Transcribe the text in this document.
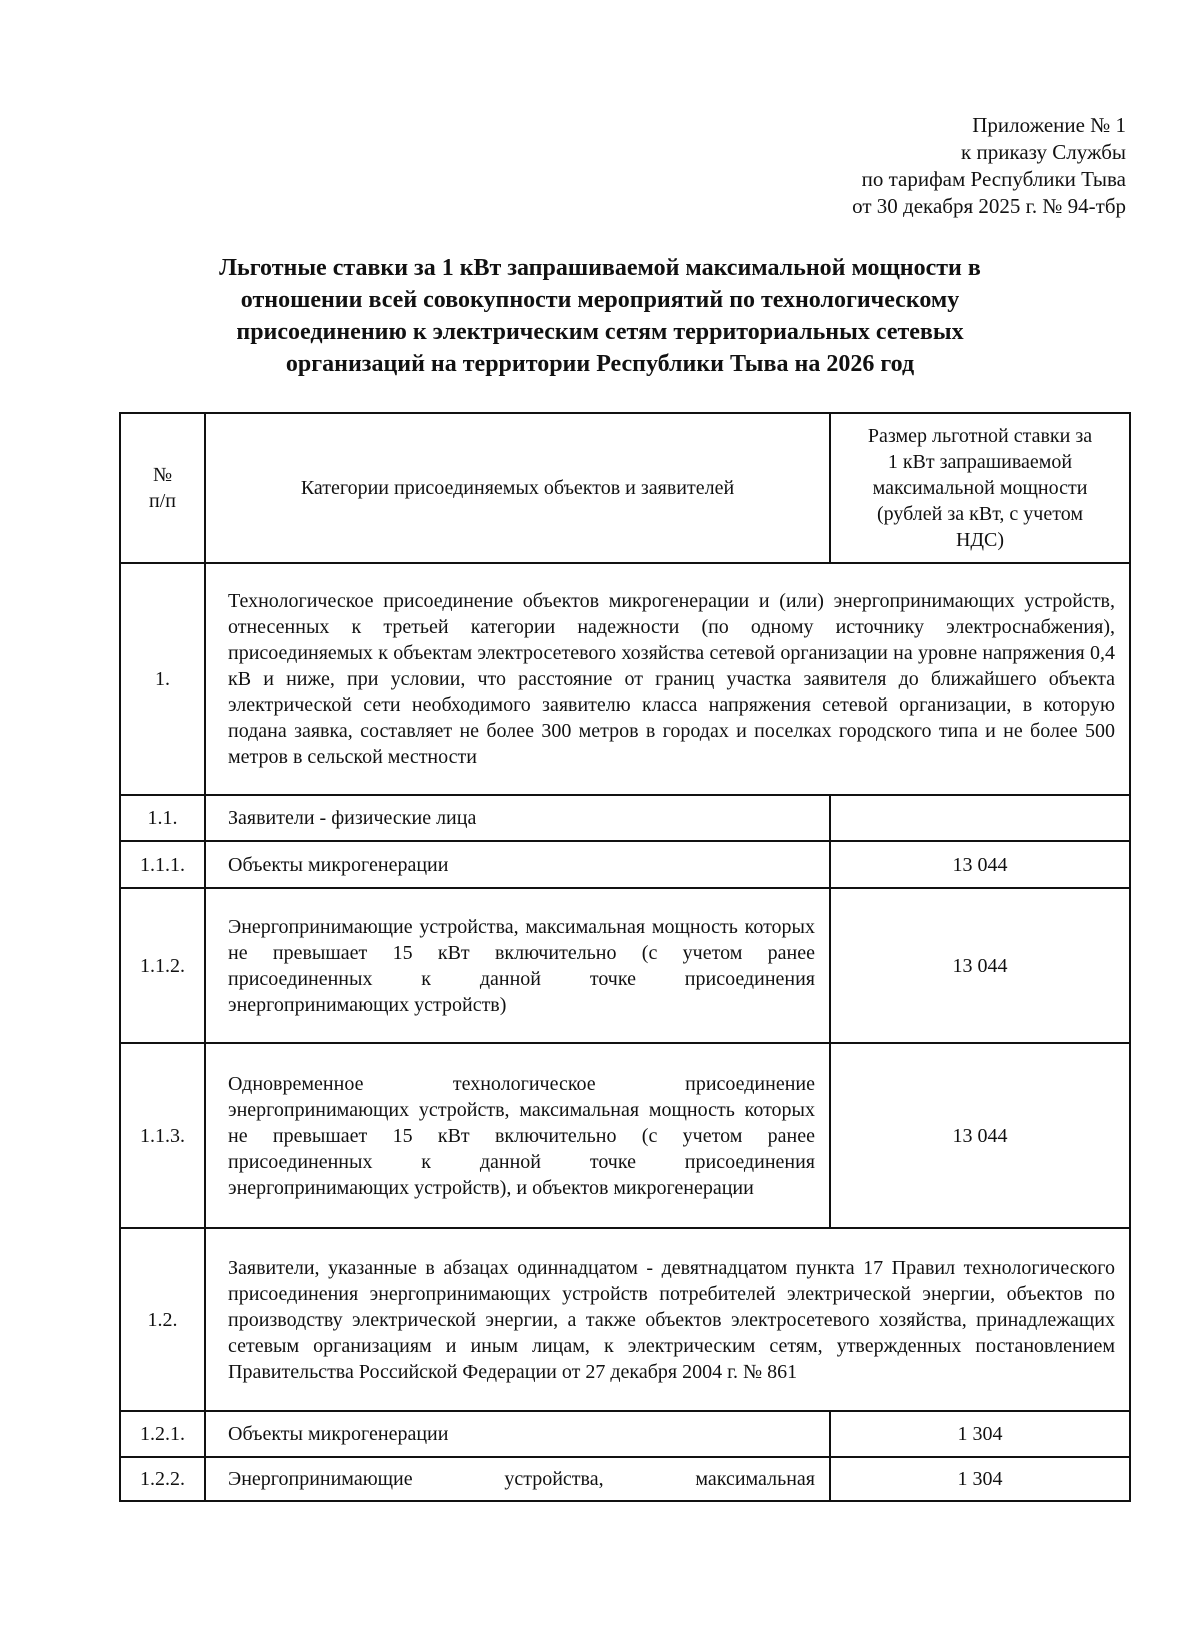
Приложение № 1
к приказу Службы
по тарифам Республики Тыва
от 30 декабря 2025 г. № 94-тбр
Льготные ставки за 1 кВт запрашиваемой максимальной мощности в
отношении всей совокупности мероприятий по технологическому
присоединению к электрическим сетям территориальных сетевых
организаций на территории Республики Тыва на 2026 год
№ п/п	Категории присоединяемых объектов и заявителей	Размер льготной ставки за 1 кВт запрашиваемой максимальной мощности (рублей за кВт, с учетом НДС)
1.	Технологическое присоединение объектов микрогенерации и (или) энергопринимающих устройств, отнесенных к третьей категории надежности (по одному источнику электроснабжения), присоединяемых к объектам электросетевого хозяйства сетевой организации на уровне напряжения 0,4 кВ и ниже, при условии, что расстояние от границ участка заявителя до ближайшего объекта электрической сети необходимого заявителю класса напряжения сетевой организации, в которую подана заявка, составляет не более 300 метров в городах и поселках городского типа и не более 500 метров в сельской местности	
1.1.	Заявители - физические лица	
1.1.1.	Объекты микрогенерации	13 044
1.1.2.	Энергопринимающие устройства, максимальная мощность которых не превышает 15 кВт включительно (с учетом ранее присоединенных к данной точке присоединения энергопринимающих устройств)	13 044
1.1.3.	Одновременное технологическое присоединение энергопринимающих устройств, максимальная мощность которых не превышает 15 кВт включительно (с учетом ранее присоединенных к данной точке присоединения энергопринимающих устройств), и объектов микрогенерации	13 044
1.2.	Заявители, указанные в абзацах одиннадцатом - девятнадцатом пункта 17 Правил технологического присоединения энергопринимающих устройств потребителей электрической энергии, объектов по производству электрической энергии, а также объектов электросетевого хозяйства, принадлежащих сетевым организациям и иным лицам, к электрическим сетям, утвержденных постановлением Правительства Российской Федерации от 27 декабря 2004 г. № 861	
1.2.1.	Объекты микрогенерации	1 304
1.2.2.	Энергопринимающие устройства, максимальная	1 304
